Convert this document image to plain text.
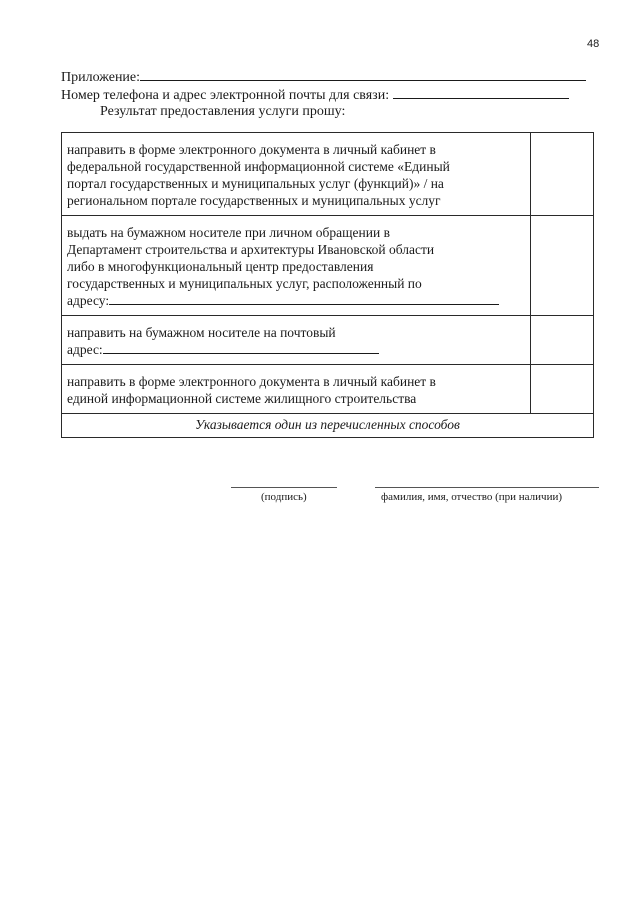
48
Приложение:
Номер телефона и адрес электронной почты для связи:
Результат предоставления услуги прошу:
направить в форме электронного документа в личный кабинет в
федеральной государственной информационной системе «Единый
портал государственных и муниципальных услуг (функций)» / на
региональном портале государственных и муниципальных услуг	

выдать на бумажном носителе при личном обращении в
Департамент строительства и архитектуры Ивановской области
либо в многофункциональный центр предоставления
государственных и муниципальных услуг, расположенный по
адресу:	

направить на бумажном носителе на почтовый
адрес:	

направить в форме электронного документа в личный кабинет в
единой информационной системе жилищного строительства	

Указывается один из перечисленных способов	
(подпись)	фамилия, имя, отчество (при наличии)
